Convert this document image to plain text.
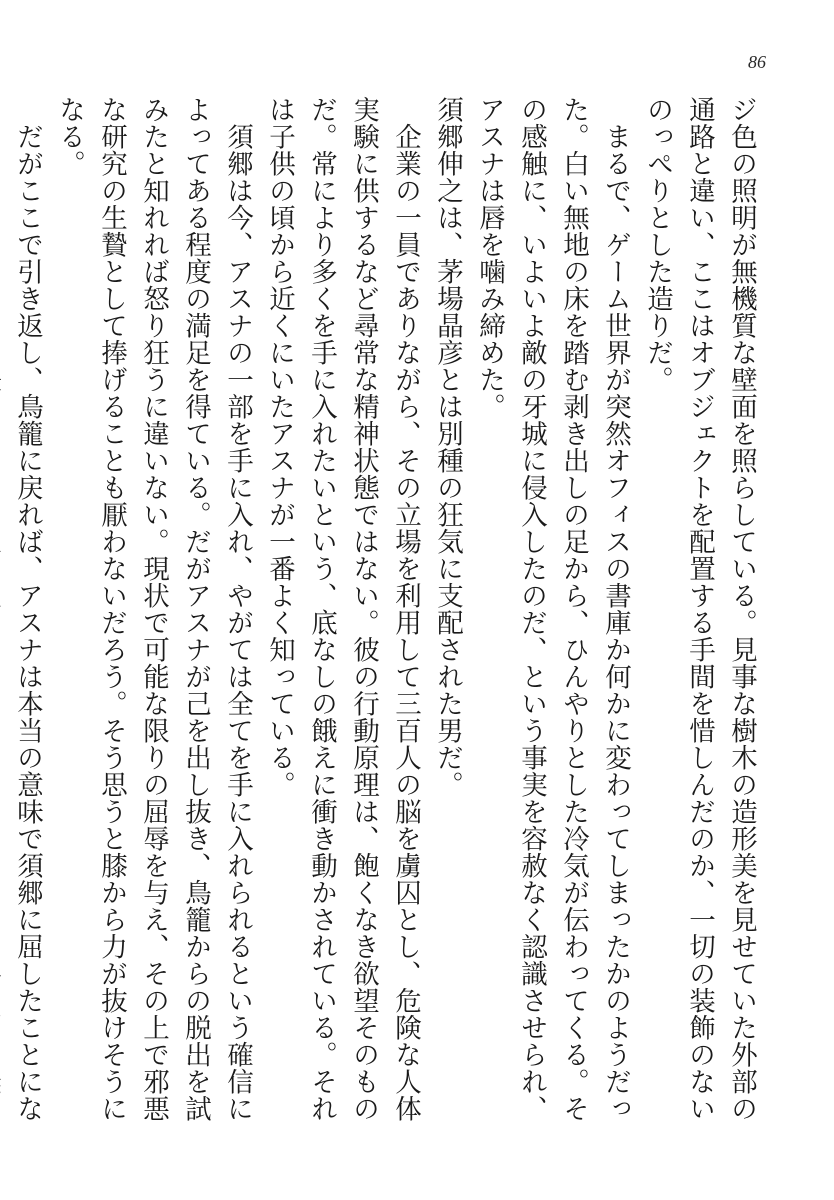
86

ジ色の照明が無機質な壁面を照らしている。見事な樹木の造形美を見せていた外部の通路と違い、ここはオブジェクトを配置する手間を惜しんだのか、一切の装飾のないのっぺりとした造りだ。

まるで、ゲーム世界が突然オフィスの書庫か何かに変わってしまったかのようだった。白い無地の床を踏む剥き出しの足から、ひんやりとした冷気が伝わってくる。その感触に、いよいよ敵の牙城に侵入したのだ、という事実を容赦なく認識させられ、アスナは唇を噛み締めた。

須郷伸之は、茅場晶彦とは別種の狂気に支配された男だ。

企業の一員でありながら、その立場を利用して三百人の脳を虜囚とし、危険な人体実験に供するなど尋常な精神状態ではない。彼の行動原理は、飽くなき欲望そのものだ。常により多くを手に入れたいという、底なしの餓えに衝き動かされている。それは子供の頃から近くにいたアスナが一番よく知っている。

須郷は今、アスナの一部を手に入れ、やがては全てを手に入れられるという確信によってある程度の満足を得ている。だがアスナが己を出し抜き、鳥籠からの脱出を試みたと知れれば怒り狂うに違いない。現状で可能な限りの屈辱を与え、その上で邪悪な研究の生贄として捧げることも厭わないだろう。そう思うと膝から力が抜けそうになる。

だがここで引き返し、鳥籠に戻れば、アスナは本当の意味で須郷に屈したことにな
